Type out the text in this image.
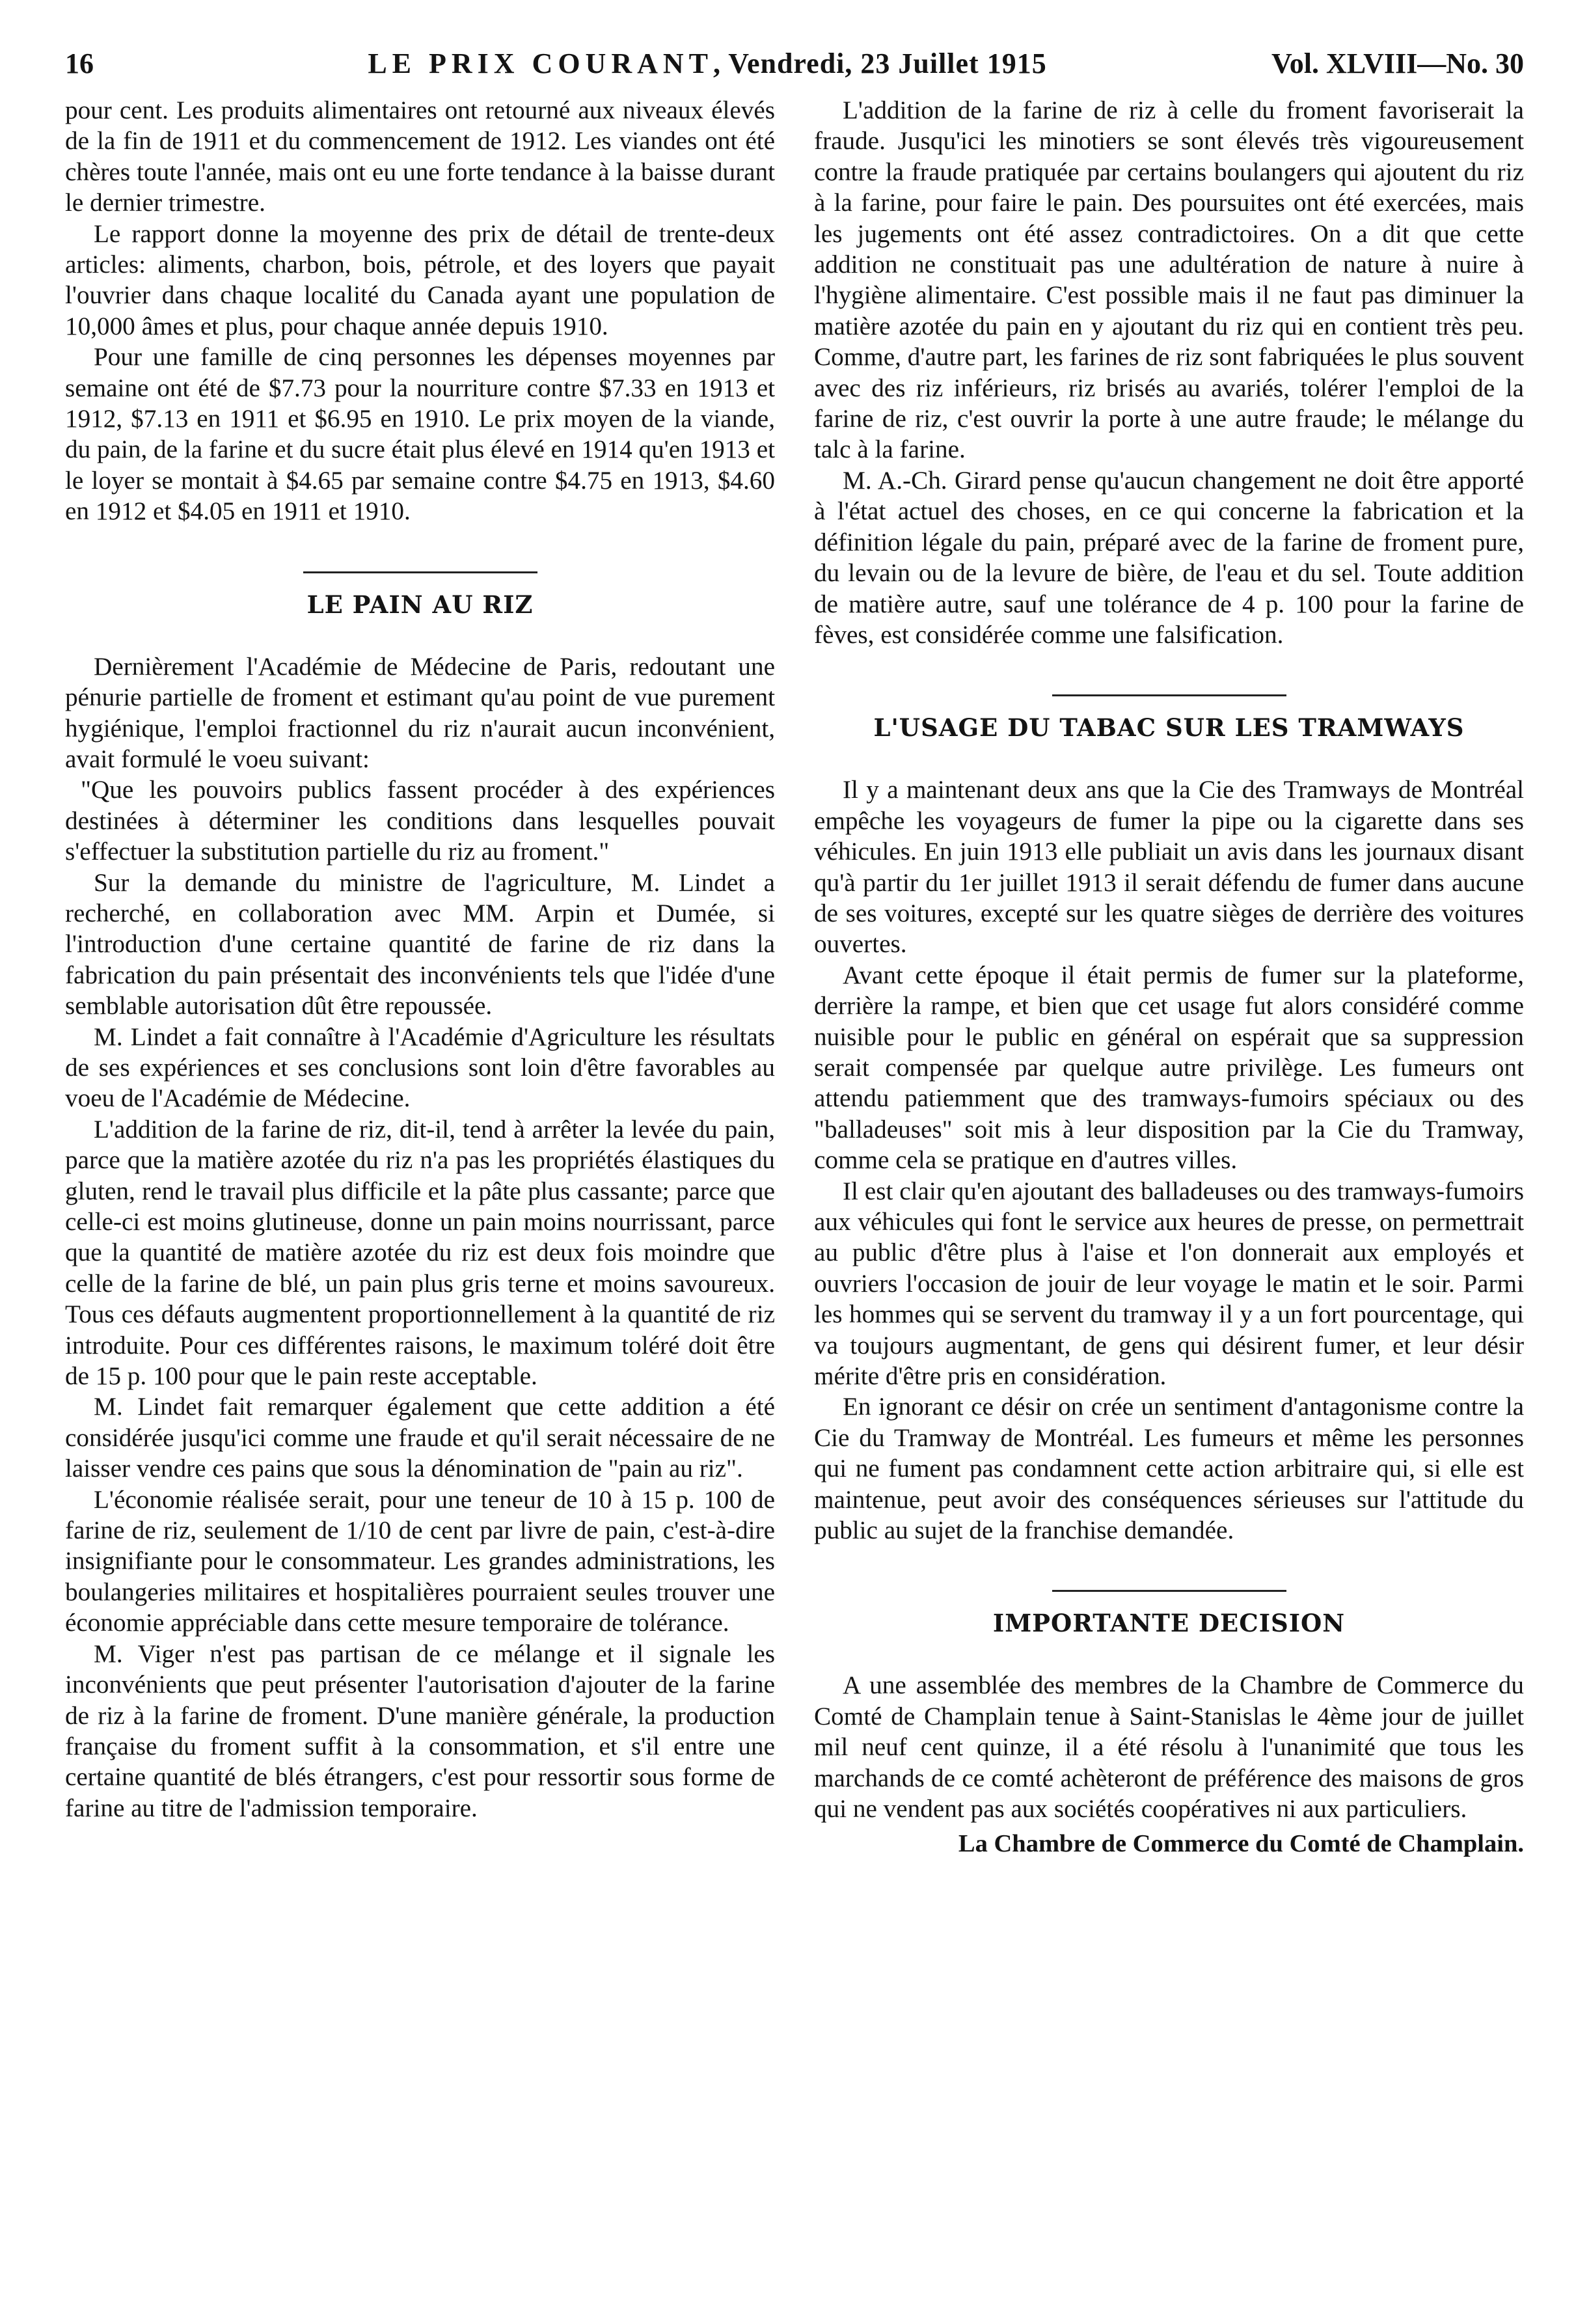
16	LE PRIX COURANT, Vendredi, 23 Juillet 1915	Vol. XLVIII—No. 30

pour cent. Les produits alimentaires ont retourné aux niveaux élevés de la fin de 1911 et du commencement de 1912. Les viandes ont été chères toute l'année, mais ont eu une forte tendance à la baisse durant le dernier trimestre.

Le rapport donne la moyenne des prix de détail de trente-deux articles: aliments, charbon, bois, pétrole, et des loyers que payait l'ouvrier dans chaque localité du Canada ayant une population de 10,000 âmes et plus, pour chaque année depuis 1910.

Pour une famille de cinq personnes les dépenses moyennes par semaine ont été de $7.73 pour la nourriture contre $7.33 en 1913 et 1912, $7.13 en 1911 et $6.95 en 1910. Le prix moyen de la viande, du pain, de la farine et du sucre était plus élevé en 1914 qu'en 1913 et le loyer se montait à $4.65 par semaine contre $4.75 en 1913, $4.60 en 1912 et $4.05 en 1911 et 1910.

LE PAIN AU RIZ

Dernièrement l'Académie de Médecine de Paris, redoutant une pénurie partielle de froment et estimant qu'au point de vue purement hygiénique, l'emploi fractionnel du riz n'aurait aucun inconvénient, avait formulé le voeu suivant:

"Que les pouvoirs publics fassent procéder à des expériences destinées à déterminer les conditions dans lesquelles pouvait s'effectuer la substitution partielle du riz au froment."

Sur la demande du ministre de l'agriculture, M. Lindet a recherché, en collaboration avec MM. Arpin et Dumée, si l'introduction d'une certaine quantité de farine de riz dans la fabrication du pain présentait des inconvénients tels que l'idée d'une semblable autorisation dût être repoussée.

M. Lindet a fait connaître à l'Académie d'Agriculture les résultats de ses expériences et ses conclusions sont loin d'être favorables au voeu de l'Académie de Médecine.

L'addition de la farine de riz, dit-il, tend à arrêter la levée du pain, parce que la matière azotée du riz n'a pas les propriétés élastiques du gluten, rend le travail plus difficile et la pâte plus cassante; parce que celle-ci est moins glutineuse, donne un pain moins nourrissant, parce que la quantité de matière azotée du riz est deux fois moindre que celle de la farine de blé, un pain plus gris terne et moins savoureux. Tous ces défauts augmentent proportionnellement à la quantité de riz introduite. Pour ces différentes raisons, le maximum toléré doit être de 15 p. 100 pour que le pain reste acceptable.

M. Lindet fait remarquer également que cette addition a été considérée jusqu'ici comme une fraude et qu'il serait nécessaire de ne laisser vendre ces pains que sous la dénomination de "pain au riz".

L'économie réalisée serait, pour une teneur de 10 à 15 p. 100 de farine de riz, seulement de 1/10 de cent par livre de pain, c'est-à-dire insignifiante pour le consommateur. Les grandes administrations, les boulangeries militaires et hospitalières pourraient seules trouver une économie appréciable dans cette mesure temporaire de tolérance.

M. Viger n'est pas partisan de ce mélange et il signale les inconvénients que peut présenter l'autorisation d'ajouter de la farine de riz à la farine de froment. D'une manière générale, la production française du froment suffit à la consommation, et s'il entre une certaine quantité de blés étrangers, c'est pour ressortir sous forme de farine au titre de l'admission temporaire.

L'addition de la farine de riz à celle du froment favoriserait la fraude. Jusqu'ici les minotiers se sont élevés très vigoureusement contre la fraude pratiquée par certains boulangers qui ajoutent du riz à la farine, pour faire le pain. Des poursuites ont été exercées, mais les jugements ont été assez contradictoires. On a dit que cette addition ne constituait pas une adultération de nature à nuire à l'hygiène alimentaire. C'est possible mais il ne faut pas diminuer la matière azotée du pain en y ajoutant du riz qui en contient très peu. Comme, d'autre part, les farines de riz sont fabriquées le plus souvent avec des riz inférieurs, riz brisés au avariés, tolérer l'emploi de la farine de riz, c'est ouvrir la porte à une autre fraude; le mélange du talc à la farine.

M. A.-Ch. Girard pense qu'aucun changement ne doit être apporté à l'état actuel des choses, en ce qui concerne la fabrication et la définition légale du pain, préparé avec de la farine de froment pure, du levain ou de la levure de bière, de l'eau et du sel. Toute addition de matière autre, sauf une tolérance de 4 p. 100 pour la farine de fèves, est considérée comme une falsification.

L'USAGE DU TABAC SUR LES TRAMWAYS

Il y a maintenant deux ans que la Cie des Tramways de Montréal empêche les voyageurs de fumer la pipe ou la cigarette dans ses véhicules. En juin 1913 elle publiait un avis dans les journaux disant qu'à partir du 1er juillet 1913 il serait défendu de fumer dans aucune de ses voitures, excepté sur les quatre sièges de derrière des voitures ouvertes.

Avant cette époque il était permis de fumer sur la plateforme, derrière la rampe, et bien que cet usage fut alors considéré comme nuisible pour le public en général on espérait que sa suppression serait compensée par quelque autre privilège. Les fumeurs ont attendu patiemment que des tramways-fumoirs spéciaux ou des "balladeuses" soit mis à leur disposition par la Cie du Tramway, comme cela se pratique en d'autres villes.

Il est clair qu'en ajoutant des balladeuses ou des tramways-fumoirs aux véhicules qui font le service aux heures de presse, on permettrait au public d'être plus à l'aise et l'on donnerait aux employés et ouvriers l'occasion de jouir de leur voyage le matin et le soir. Parmi les hommes qui se servent du tramway il y a un fort pourcentage, qui va toujours augmentant, de gens qui désirent fumer, et leur désir mérite d'être pris en considération.

En ignorant ce désir on crée un sentiment d'antagonisme contre la Cie du Tramway de Montréal. Les fumeurs et même les personnes qui ne fument pas condamnent cette action arbitraire qui, si elle est maintenue, peut avoir des conséquences sérieuses sur l'attitude du public au sujet de la franchise demandée.

IMPORTANTE DECISION

A une assemblée des membres de la Chambre de Commerce du Comté de Champlain tenue à Saint-Stanislas le 4ème jour de juillet mil neuf cent quinze, il a été résolu à l'unanimité que tous les marchands de ce comté achèteront de préférence des maisons de gros qui ne vendent pas aux sociétés coopératives ni aux particuliers.

La Chambre de Commerce du Comté de Champlain.
